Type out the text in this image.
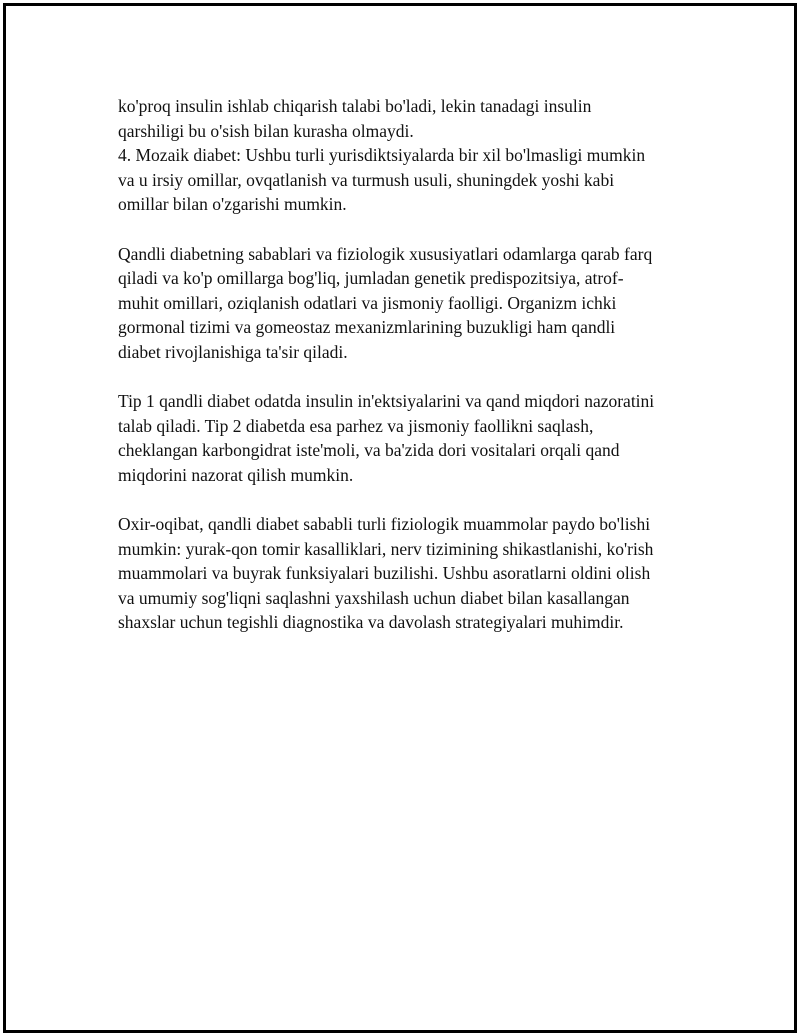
ko'proq insulin ishlab chiqarish talabi bo'ladi, lekin tanadagi insulin
qarshiligi bu o'sish bilan kurasha olmaydi.
4. Mozaik diabet: Ushbu turli yurisdiktsiyalarda bir xil bo'lmasligi mumkin
va u irsiy omillar, ovqatlanish va turmush usuli, shuningdek yoshi kabi
omillar bilan o'zgarishi mumkin.
Qandli diabetning sabablari va fiziologik xususiyatlari odamlarga qarab farq
qiladi va ko'p omillarga bog'liq, jumladan genetik predispozitsiya, atrof-
muhit omillari, oziqlanish odatlari va jismoniy faolligi. Organizm ichki
gormonal tizimi va gomeostaz mexanizmlarining buzukligi ham qandli
diabet rivojlanishiga ta'sir qiladi.
Tip 1 qandli diabet odatda insulin in'ektsiyalarini va qand miqdori nazoratini
talab qiladi. Tip 2 diabetda esa parhez va jismoniy faollikni saqlash,
cheklangan karbongidrat iste'moli, va ba'zida dori vositalari orqali qand
miqdorini nazorat qilish mumkin.
Oxir-oqibat, qandli diabet sababli turli fiziologik muammolar paydo bo'lishi
mumkin: yurak-qon tomir kasalliklari, nerv tizimining shikastlanishi, ko'rish
muammolari va buyrak funksiyalari buzilishi. Ushbu asoratlarni oldini olish
va umumiy sog'liqni saqlashni yaxshilash uchun diabet bilan kasallangan
shaxslar uchun tegishli diagnostika va davolash strategiyalari muhimdir.
